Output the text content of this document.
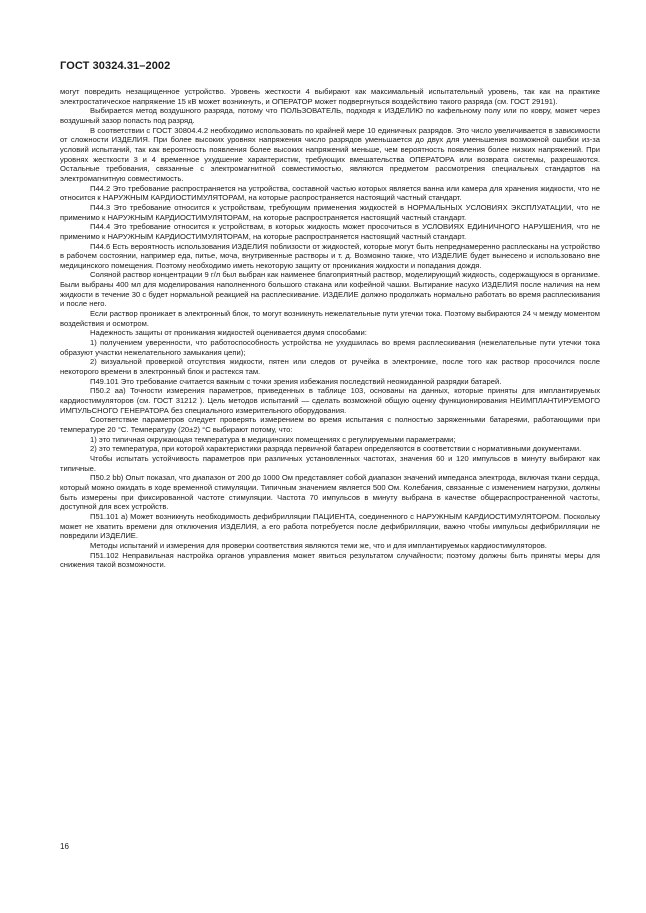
ГОСТ 30324.31–2002

могут повредить незащищенное устройство. Уровень жесткости 4 выбирают как максимальный испытательный уровень, так как на практике электростатическое напряжение 15 кВ может возникнуть, и ОПЕРАТОР может подвергнуться воздействию такого разряда (см. ГОСТ 29191).

Выбирается метод воздушного разряда, потому что ПОЛЬЗОВАТЕЛЬ, подходя к ИЗДЕЛИЮ по кафельному полу или по ковру, может через воздушный зазор попасть под разряд.

В соответствии с ГОСТ 30804.4.2 необходимо использовать по крайней мере 10 единичных разрядов. Это число увеличивается в зависимости от сложности ИЗДЕЛИЯ. При более высоких уровнях напряжения число разрядов уменьшается до двух для уменьшения возможной ошибки из-за условий испытаний, так как вероятность появления более высоких напряжений меньше, чем вероятность появления более низких напряжений. При уровнях жесткости 3 и 4 временное ухудшение характеристик, требующих вмешательства ОПЕРАТОРА или возврата системы, разрешаются. Остальные требования, связанные с электромагнитной совместимостью, являются предметом рассмотрения специальных стандартов на электромагнитную совместимость.

П44.2 Это требование распространяется на устройства, составной частью которых является ванна или камера для хранения жидкости, что не относится к НАРУЖНЫМ КАРДИОСТИМУЛЯТОРАМ, на которые распространяется настоящий частный стандарт.

П44.3 Это требование относится к устройствам, требующим применения жидкостей в НОРМАЛЬНЫХ УСЛОВИЯХ ЭКСПЛУАТАЦИИ, что не применимо к НАРУЖНЫМ КАРДИОСТИМУЛЯТОРАМ, на которые распространяется настоящий частный стандарт.

П44.4 Это требование относится к устройствам, в которых жидкость может просочиться в УСЛОВИЯХ ЕДИНИЧНОГО НАРУШЕНИЯ, что не применимо к НАРУЖНЫМ КАРДИОСТИМУЛЯТОРАМ, на которые распространяется настоящий частный стандарт.

П44.6 Есть вероятность использования ИЗДЕЛИЯ поблизости от жидкостей, которые могут быть непреднамеренно расплесканы на устройство в рабочем состоянии, например еда, питье, моча, внутривенные растворы и т. д. Возможно также, что ИЗДЕЛИЕ будет вынесено и использовано вне медицинского помещения. Поэтому необходимо иметь некоторую защиту от проникания жидкости и попадания дождя.

Соляной раствор концентрации 9 г/л был выбран как наименее благоприятный раствор, моделирующий жидкость, содержащуюся в организме. Были выбраны 400 мл для моделирования наполненного большого стакана или кофейной чашки. Вытирание насухо ИЗДЕЛИЯ после наличия на нем жидкости в течение 30 с будет нормальной реакцией на расплескивание. ИЗДЕЛИЕ должно продолжать нормально работать во время расплескивания и после него.

Если раствор проникает в электронный блок, то могут возникнуть нежелательные пути утечки тока. Поэтому выбираются 24 ч между моментом воздействия и осмотром.

Надежность защиты от проникания жидкостей оценивается двумя способами:

1) получением уверенности, что работоспособность устройства не ухудшилась во время расплескивания (нежелательные пути утечки тока образуют участки нежелательного замыкания цепи);

2) визуальной проверкой отсутствия жидкости, пятен или следов от ручейка в электронике, после того как раствор просочился после некоторого времени в электронный блок и растекся там.

П49.101 Это требование считается важным с точки зрения избежания последствий неожиданной разрядки батарей.

П50.2 аа) Точности измерения параметров, приведенных в таблице 103, основаны на данных, которые приняты для имплантируемых кардиостимуляторов (см. ГОСТ 31212 ). Цель методов испытаний — сделать возможной общую оценку функционирования НЕИМПЛАНТИРУЕМОГО ИМПУЛЬСНОГО ГЕНЕРАТОРА без специального измерительного оборудования.

Соответствие параметров следует проверять измерением во время испытания с полностью заряженными батареями, работающими при температуре 20 °С. Температуру (20±2) °С выбирают потому, что:

1) это типичная окружающая температура в медицинских помещениях с регулируемыми параметрами;

2) это температура, при которой характеристики разряда первичной батареи определяются в соответствии с нормативными документами.

Чтобы испытать устойчивость параметров при различных установленных частотах, значения 60 и 120 импульсов в минуту выбирают как типичные.

П50.2 bb) Опыт показал, что диапазон от 200 до 1000 Ом представляет собой диапазон значений импеданса электрода, включая ткани сердца, который можно ожидать в ходе временной стимуляции. Типичным значением является 500 Ом. Колебания, связанные с изменением нагрузки, должны быть измерены при фиксированной частоте стимуляции. Частота 70 импульсов в минуту выбрана в качестве общераспространенной частоты, доступной для всех устройств.

П51.101 а) Может возникнуть необходимость дефибрилляции ПАЦИЕНТА, соединенного с НАРУЖНЫМ КАРДИОСТИМУЛЯТОРОМ. Поскольку может не хватить времени для отключения ИЗДЕЛИЯ, а его работа потребуется после дефибрилляции, важно чтобы импульсы дефибрилляции не повредили ИЗДЕЛИЕ.

Методы испытаний и измерения для проверки соответствия являются теми же, что и для имплантируемых кардиостимуляторов.

П51.102 Неправильная настройка органов управления может явиться результатом случайности; поэтому должны быть приняты меры для снижения такой возможности.

16
